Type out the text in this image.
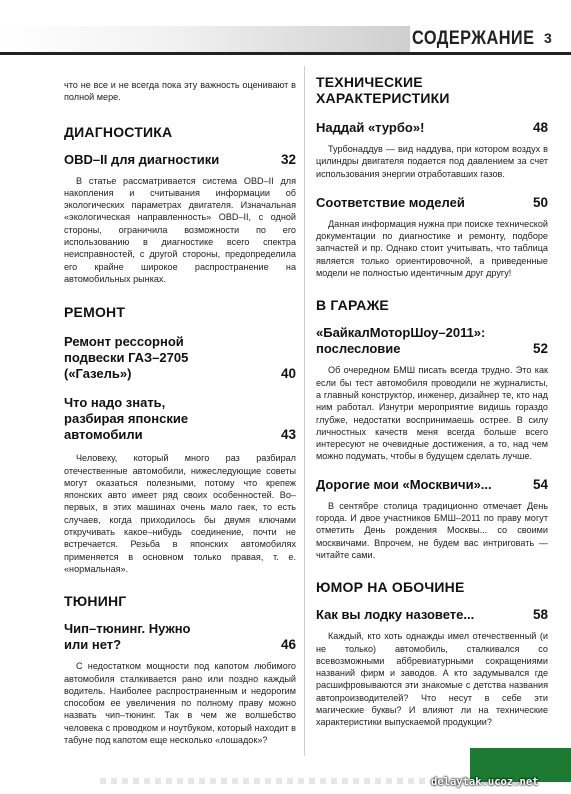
СОДЕРЖАНИЕ 3

что не все и не всегда пока эту важность оценивают в полной мере.

ДИАГНОСТИКА
OBD–II для диагностики	32

В статье рассматривается система OBD–II для накопления и считывания информации об экологических параметрах двигателя. Изначальная «экологическая направленность» OBD–II, с одной стороны, ограничила возможности по его использованию в диагностике всего спектра неисправностей, с другой стороны, предопределила его крайне широкое распространение на автомобильных рынках.

РЕМОНТ
Ремонт рессорной подвески ГАЗ–2705 («Газель»)	40
Что надо знать, разбирая японские автомобили	43

Человеку, который много раз разбирал отечественные автомобили, нижеследующие советы могут оказаться полезными, потому что крепеж японских авто имеет ряд своих особенностей. Во–первых, в этих машинах очень мало гаек, то есть случаев, когда приходилось бы двумя ключами откручивать какое–нибудь соединение, почти не встречается. Резьба в японских автомобилях применяется в основном только правая, т. е. «нормальная».

ТЮНИНГ
Чип–тюнинг. Нужно или нет?	46

С недостатком мощности под капотом любимого автомобиля сталкивается рано или поздно каждый водитель. Наиболее распространенным и недорогим способом ее увеличения по полному праву можно назвать чип–тюнинг. Так в чем же волшебство человека с проводком и ноутбуком, который находит в табуне под капотом еще несколько «лошадок»?

ТЕХНИЧЕСКИЕ ХАРАКТЕРИСТИКИ
Наддай «турбо»!	48

Турбонаддув — вид наддува, при котором воздух в цилиндры двигателя подается под давлением за счет использования энергии отработавших газов.

Соответствие моделей	50

Данная информация нужна при поиске технической документации по диагностике и ремонту, подборе запчастей и пр. Однако стоит учитывать, что таблица является только ориентировочной, а приведенные модели не полностью идентичным друг другу!

В ГАРАЖЕ
«БайкалМоторШоу–2011»: послесловие	52

Об очередном БМШ писать всегда трудно. Это как если бы тест автомобиля проводили не журналисты, а главный конструктор, инженер, дизайнер те, кто над ним работал. Изнутри мероприятие видишь гораздо глубже, недостатки воспринимаешь острее. В силу личностных качеств меня всегда больше всего интересуют не очевидные достижения, а то, над чем можно подумать, чтобы в будущем сделать лучше.

Дорогие мои «Москвичи»...	54

В сентябре столица традиционно отмечает День города. И двое участников БМШ–2011 по праву могут отметить День рождения Москвы... со своими москвичами. Впрочем, не будем вас интриговать — читайте сами.

ЮМОР НА ОБОЧИНЕ
Как вы лодку назовете...	58

Каждый, кто хоть однажды имел отечественный (и не только) автомобиль, сталкивался со всевозможными аббревиатурными сокращениями названий фирм и заводов. А кто задумывался где расшифровываются эти знакомые с детства названия автопроизводителей? Что несут в себе эти магические буквы? И влияют ли на технические характеристики выпускаемой продукции?

delaytak.ucoz.net
